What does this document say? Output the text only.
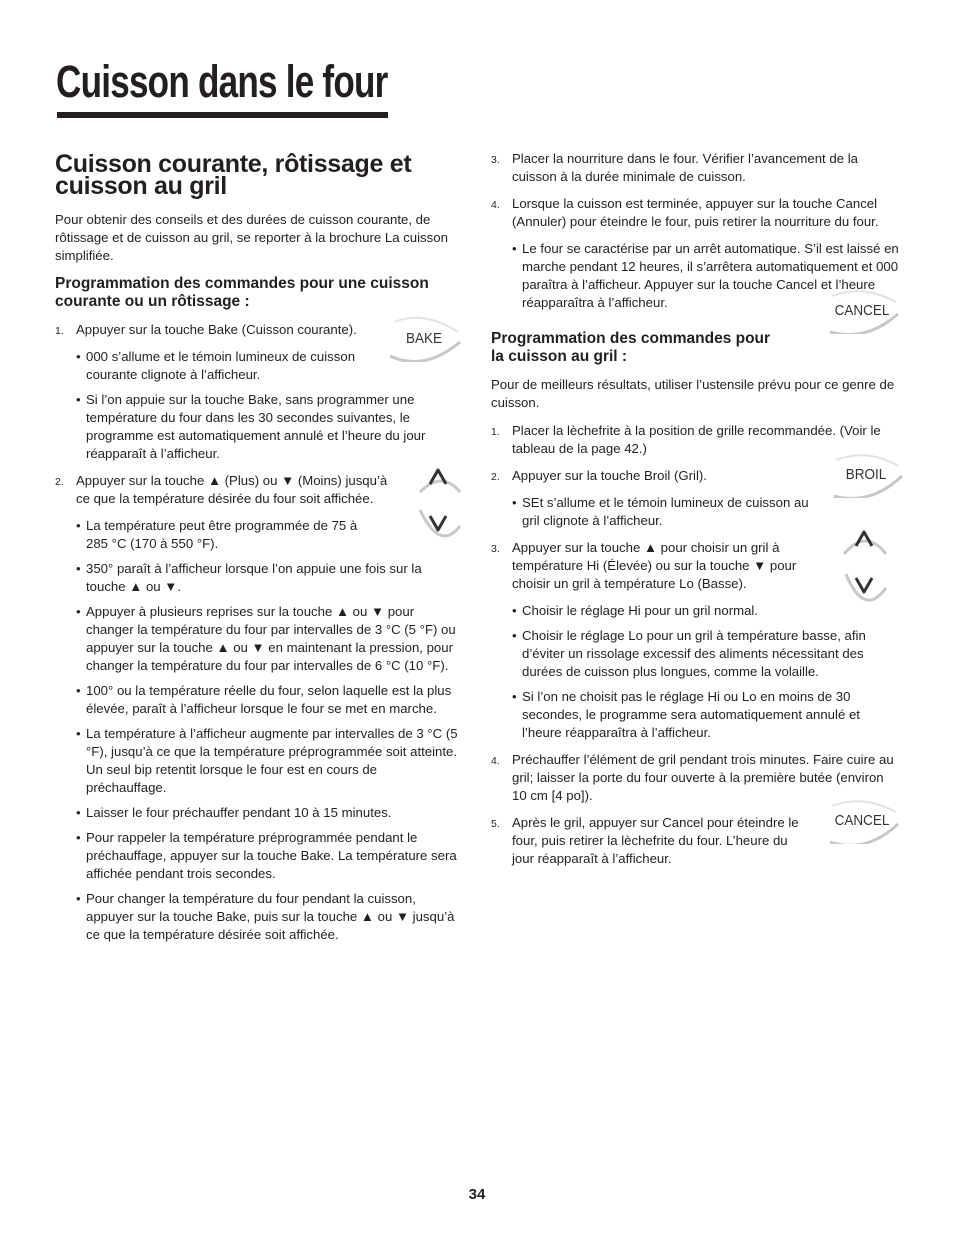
Cuisson dans le four
Cuisson courante, rôtissage et cuisson au gril

Pour obtenir des conseils et des durées de cuisson courante, de rôtissage et de cuisson au gril, se reporter à la brochure La cuisson simplifiée.

Programmation des commandes pour une cuisson courante ou un rôtissage :
1. Appuyer sur la touche Bake (Cuisson courante).
• 000 s’allume et le témoin lumineux de cuisson courante clignote à l’afficheur.
• Si l’on appuie sur la touche Bake, sans programmer une température du four dans les 30 secondes suivantes, le programme est automatiquement annulé et l’heure du jour réapparaît à l’afficheur.
2. Appuyer sur la touche ▲ (Plus) ou ▼ (Moins) jusqu’à ce que la température désirée du four soit affichée.
• La température peut être programmée de 75 à 285 °C (170 à 550 °F).
• 350° paraît à l’afficheur lorsque l’on appuie une fois sur la touche ▲ ou ▼.
• Appuyer à plusieurs reprises sur la touche ▲ ou ▼ pour changer la température du four par intervalles de 3 °C (5 °F) ou appuyer sur la touche ▲ ou ▼ en maintenant la pression, pour changer la température du four par intervalles de 6 °C (10 °F).
• 100° ou la température réelle du four, selon laquelle est la plus élevée, paraît à l’afficheur lorsque le four se met en marche.
• La température à l’afficheur augmente par intervalles de 3 °C (5 °F), jusqu’à ce que la température préprogrammée soit atteinte. Un seul bip retentit lorsque le four est en cours de préchauffage.
• Laisser le four préchauffer pendant 10 à 15 minutes.
• Pour rappeler la température préprogrammée pendant le préchauffage, appuyer sur la touche Bake. La température sera affichée pendant trois secondes.
• Pour changer la température du four pendant la cuisson, appuyer sur la touche Bake, puis sur la touche ▲ ou ▼ jusqu’à ce que la température désirée soit affichée.
3. Placer la nourriture dans le four. Vérifier l’avancement de la cuisson à la durée minimale de cuisson.
4. Lorsque la cuisson est terminée, appuyer sur la touche Cancel (Annuler) pour éteindre le four, puis retirer la nourriture du four.
• Le four se caractérise par un arrêt automatique. S’il est laissé en marche pendant 12 heures, il s’arrêtera automatiquement et 000 paraîtra à l’afficheur. Appuyer sur la touche Cancel et l’heure réapparaîtra à l’afficheur.
Programmation des commandes pour la cuisson au gril :

Pour de meilleurs résultats, utiliser l’ustensile prévu pour ce genre de cuisson.

1. Placer la lèchefrite à la position de grille recommandée. (Voir le tableau de la page 42.)
2. Appuyer sur la touche Broil (Gril).
• SEt s’allume et le témoin lumineux de cuisson au gril clignote à l’afficheur.
3. Appuyer sur la touche ▲ pour choisir un gril à température Hi (Élevée) ou sur la touche ▼ pour choisir un gril à température Lo (Basse).
• Choisir le réglage Hi pour un gril normal.
• Choisir le réglage Lo pour un gril à température basse, afin d’éviter un rissolage excessif des aliments nécessitant des durées de cuisson plus longues, comme la volaille.
• Si l’on ne choisit pas le réglage Hi ou Lo en moins de 30 secondes, le programme sera automatiquement annulé et l’heure réapparaîtra à l’afficheur.
4. Préchauffer l’élément de gril pendant trois minutes. Faire cuire au gril; laisser la porte du four ouverte à la première butée (environ 10 cm [4 po]).
5. Après le gril, appuyer sur Cancel pour éteindre le four, puis retirer la lèchefrite du four. L’heure du jour réapparaît à l’afficheur.
BAKE
CANCEL
BROIL
CANCEL
34
